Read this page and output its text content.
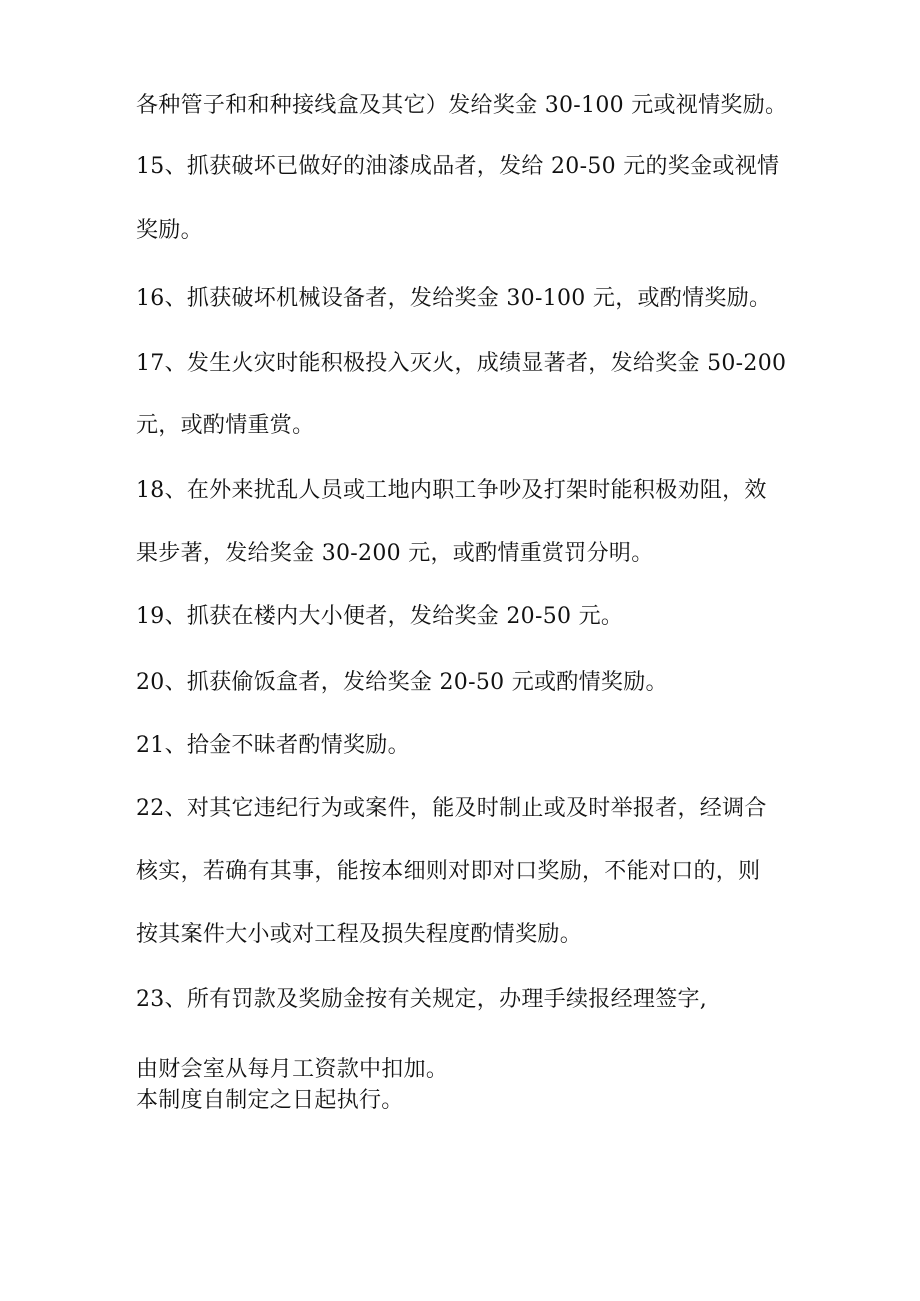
各种管子和和种接线盒及其它）发给奖金 30-100 元或视情奖励。
15、抓获破坏已做好的油漆成品者，发给 20-50 元的奖金或视情
奖励。
16、抓获破坏机械设备者，发给奖金 30-100 元，或酌情奖励。
17、发生火灾时能积极投入灭火，成绩显著者，发给奖金 50-200
元，或酌情重赏。
18、在外来扰乱人员或工地内职工争吵及打架时能积极劝阻，效
果步著，发给奖金 30-200 元，或酌情重赏罚分明。
19、抓获在楼内大小便者，发给奖金 20-50 元。
20、抓获偷饭盒者，发给奖金 20-50 元或酌情奖励。
21、拾金不昧者酌情奖励。
22、对其它违纪行为或案件，能及时制止或及时举报者，经调合
核实，若确有其事，能按本细则对即对口奖励，不能对口的，则
按其案件大小或对工程及损失程度酌情奖励。
23、所有罚款及奖励金按有关规定，办理手续报经理签字,
由财会室从每月工资款中扣加。
本制度自制定之日起执行。
